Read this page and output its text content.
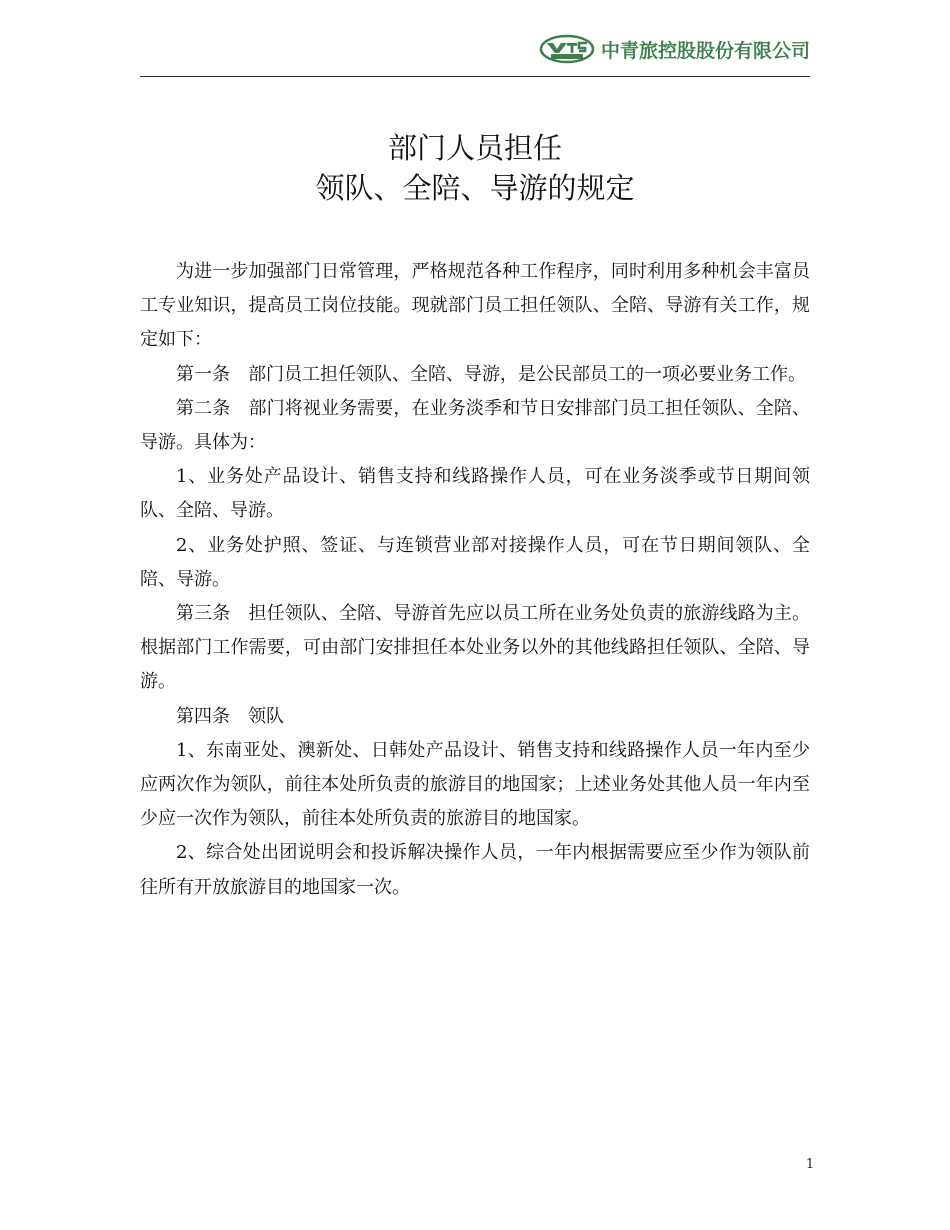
中青旅控股股份有限公司
部门人员担任
领队、全陪、导游的规定

为进一步加强部门日常管理，严格规范各种工作程序，同时利用多种机会丰富员工专业知识，提高员工岗位技能。现就部门员工担任领队、全陪、导游有关工作，规定如下：

第一条　部门员工担任领队、全陪、导游，是公民部员工的一项必要业务工作。

第二条　部门将视业务需要，在业务淡季和节日安排部门员工担任领队、全陪、导游。具体为：

1、业务处产品设计、销售支持和线路操作人员，可在业务淡季或节日期间领队、全陪、导游。

2、业务处护照、签证、与连锁营业部对接操作人员，可在节日期间领队、全陪、导游。

第三条　担任领队、全陪、导游首先应以员工所在业务处负责的旅游线路为主。根据部门工作需要，可由部门安排担任本处业务以外的其他线路担任领队、全陪、导游。

第四条　领队

1、东南亚处、澳新处、日韩处产品设计、销售支持和线路操作人员一年内至少应两次作为领队，前往本处所负责的旅游目的地国家；上述业务处其他人员一年内至少应一次作为领队，前往本处所负责的旅游目的地国家。

2、综合处出团说明会和投诉解决操作人员，一年内根据需要应至少作为领队前往所有开放旅游目的地国家一次。

1
